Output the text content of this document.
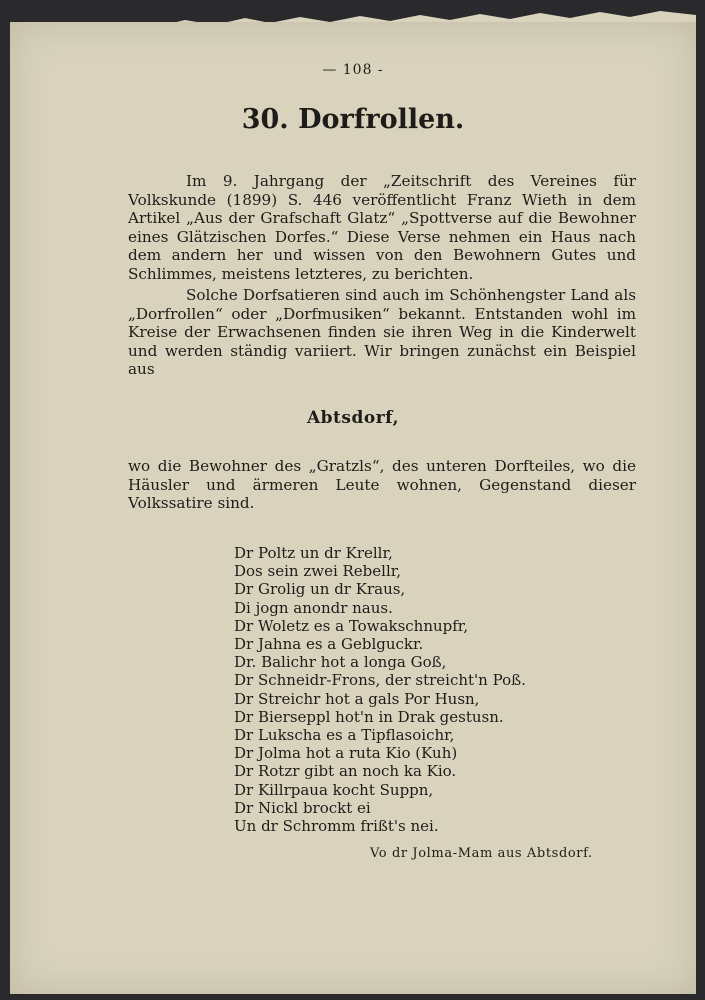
— 108 -
30. Dorfrollen.

Im 9. Jahrgang der „Zeitschrift des Vereines für Volkskunde (1899) S. 446 veröffentlicht Franz Wieth in dem Artikel „Aus der Grafschaft Glatz“ „Spottverse auf die Bewohner eines Glätzischen Dorfes.“ Diese Verse nehmen ein Haus nach dem andern her und wissen von den Bewohnern Gutes und Schlimmes, meistens letzteres, zu berichten.

Solche Dorfsatieren sind auch im Schönhengster Land als „Dorfrollen“ oder „Dorfmusiken“ bekannt. Entstanden wohl im Kreise der Erwachsenen finden sie ihren Weg in die Kinderwelt und werden ständig variiert. Wir bringen zunächst ein Beispiel aus

Abtsdorf,

wo die Bewohner des „Gratzls“, des unteren Dorfteiles, wo die Häusler und ärmeren Leute wohnen, Gegenstand dieser Volkssatire sind.

Dr Poltz un dr Krellr,
Dos sein zwei Rebellr,
Dr Grolig un dr Kraus,
Di jogn anondr naus.
Dr Woletz es a Towakschnupfr,
Dr Jahna es a Geblguckr.
Dr. Balichr hot a longa Goß,
Dr Schneidr-Frons, der streicht'n Poß.
Dr Streichr hot a gals Por Husn,
Dr Bierseppl hot'n in Drak gestusn.
Dr Lukscha es a Tipflasoichr,
Dr Jolma hot a ruta Kio (Kuh)
Dr Rotzr gibt an noch ka Kio.
Dr Killrpaua kocht Suppn,
Dr Nickl brockt ei
Un dr Schromm frißt's nei.
Vo dr Jolma-Mam aus Abtsdorf.
